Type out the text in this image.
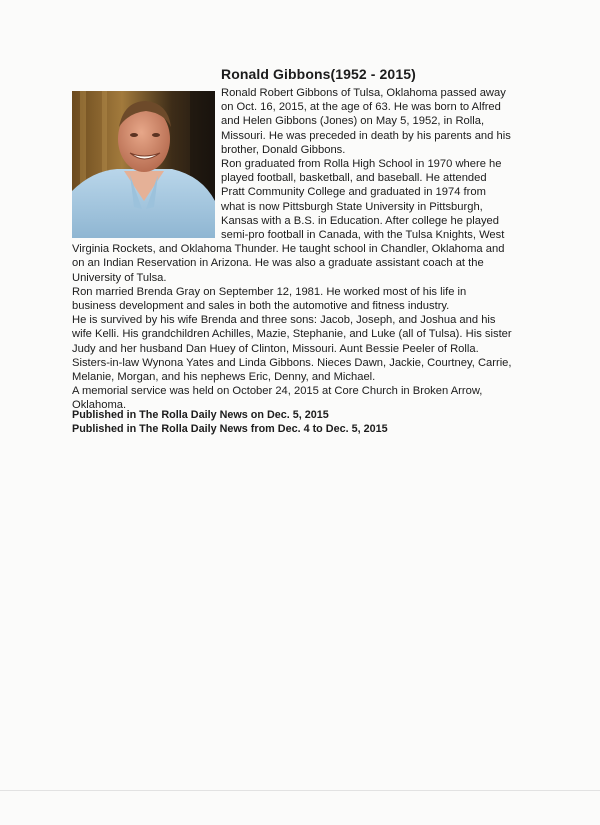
Ronald Gibbons(1952 - 2015)

Ronald Robert Gibbons of Tulsa, Oklahoma passed away on Oct. 16, 2015, at the age of 63. He was born to Alfred and Helen Gibbons (Jones) on May 5, 1952, in Rolla, Missouri. He was preceded in death by his parents and his brother, Donald Gibbons.

Ron graduated from Rolla High School in 1970 where he played football, basketball, and baseball. He attended Pratt Community College and graduated in 1974 from what is now Pittsburgh State University in Pittsburgh, Kansas with a B.S. in Education. After college he played semi-pro football in Canada, with the Tulsa Knights, West Virginia Rockets, and Oklahoma Thunder. He taught school in Chandler, Oklahoma and on an Indian Reservation in Arizona. He was also a graduate assistant coach at the University of Tulsa.

Ron married Brenda Gray on September 12, 1981. He worked most of his life in business development and sales in both the automotive and fitness industry.

He is survived by his wife Brenda and three sons: Jacob, Joseph, and Joshua and his wife Kelli. His grandchildren Achilles, Mazie, Stephanie, and Luke (all of Tulsa). His sister Judy and her husband Dan Huey of Clinton, Missouri. Aunt Bessie Peeler of Rolla. Sisters-in-law Wynona Yates and Linda Gibbons. Nieces Dawn, Jackie, Courtney, Carrie, Melanie, Morgan, and his nephews Eric, Denny, and Michael.

A memorial service was held on October 24, 2015 at Core Church in Broken Arrow, Oklahoma.

Published in The Rolla Daily News on Dec. 5, 2015
Published in The Rolla Daily News from Dec. 4 to Dec. 5, 2015
